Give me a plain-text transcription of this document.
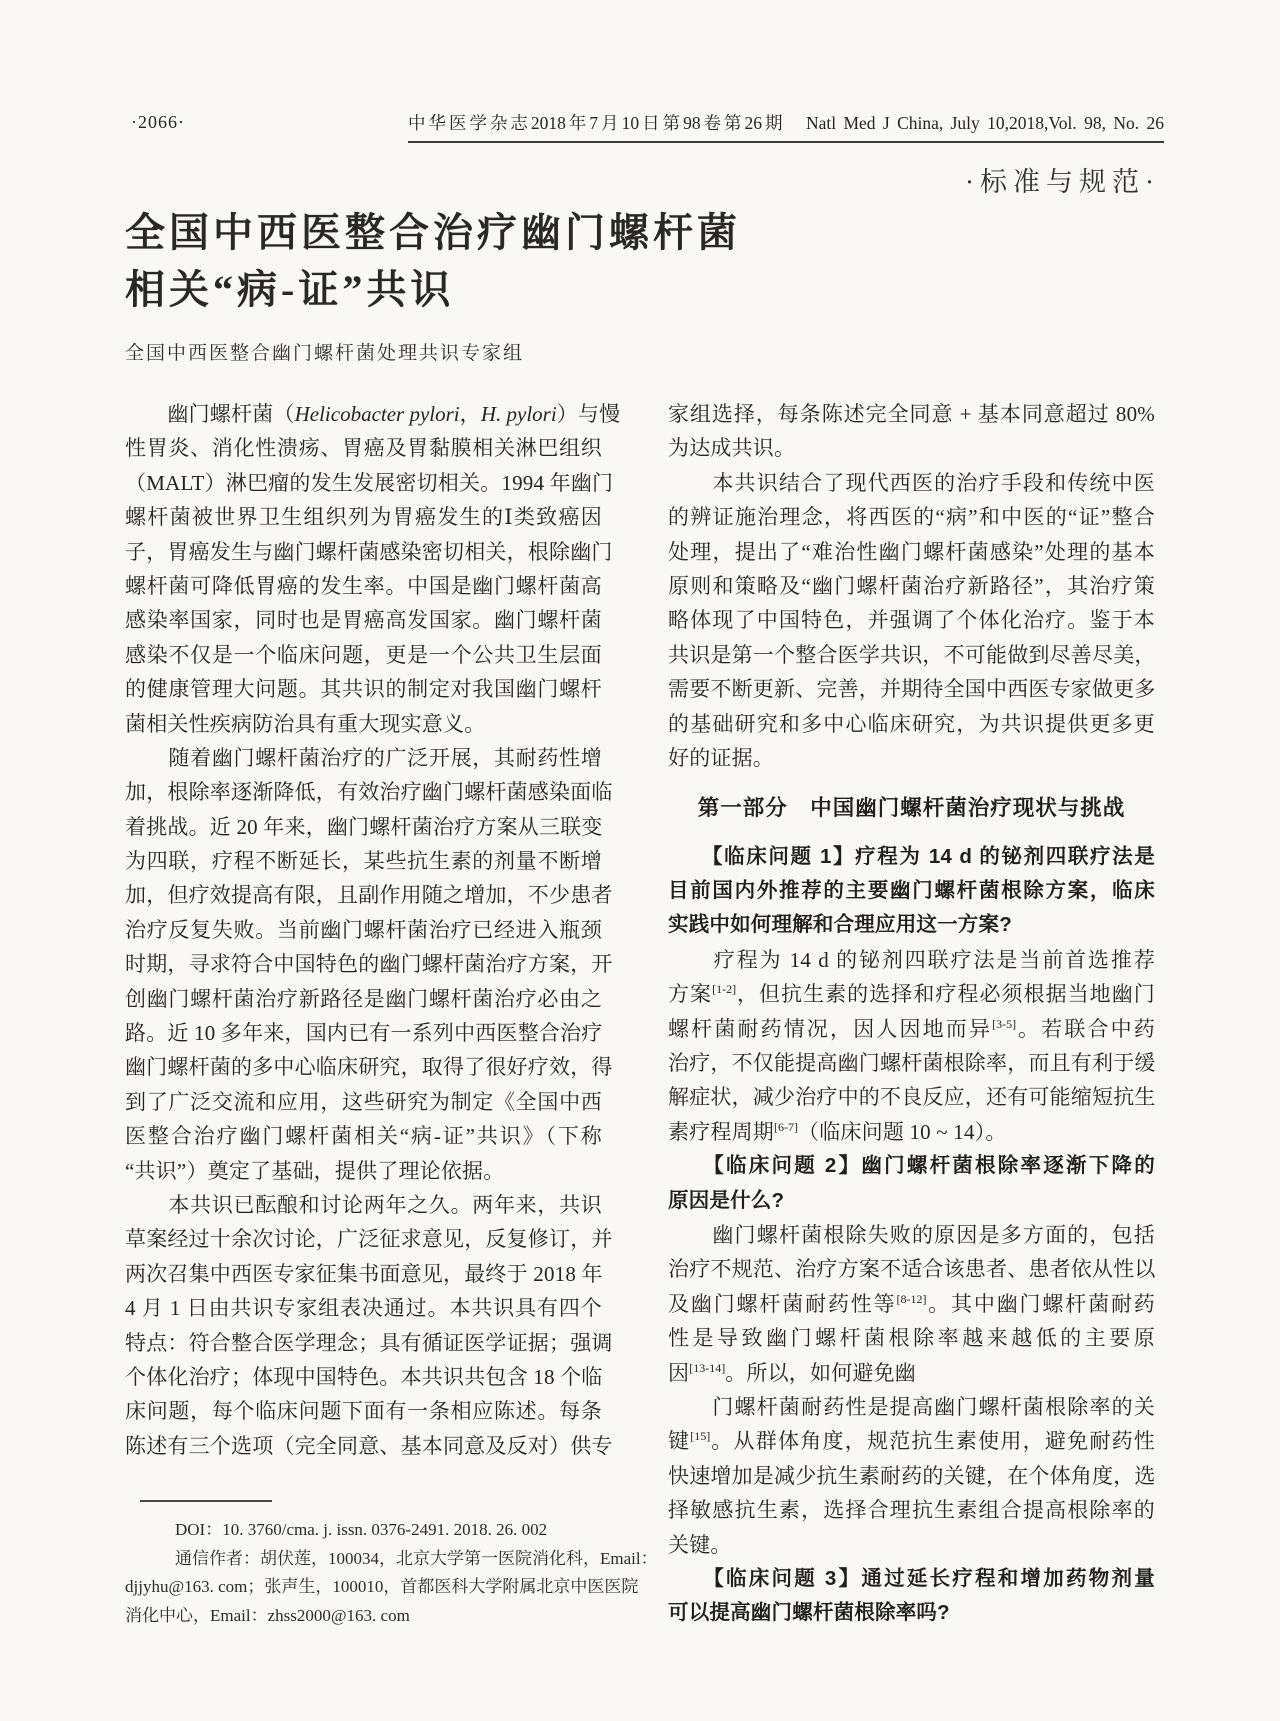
·2066·	中华医学杂志2018年7月10日第98卷第26期　Natl Med J China, July 10,2018,Vol. 98, No. 26
·标准与规范·
全国中西医整合治疗幽门螺杆菌
相关“病-证”共识
全国中西医整合幽门螺杆菌处理共识专家组
　　幽门螺杆菌（Helicobacter pylori，H. pylori）与慢
性胃炎、消化性溃疡、胃癌及胃黏膜相关淋巴组织
（MALT）淋巴瘤的发生发展密切相关。1994 年幽门
螺杆菌被世界卫生组织列为胃癌发生的Ⅰ类致癌因
子，胃癌发生与幽门螺杆菌感染密切相关，根除幽门
螺杆菌可降低胃癌的发生率。中国是幽门螺杆菌高
感染率国家，同时也是胃癌高发国家。幽门螺杆菌
感染不仅是一个临床问题，更是一个公共卫生层面
的健康管理大问题。其共识的制定对我国幽门螺杆
菌相关性疾病防治具有重大现实意义。
　　随着幽门螺杆菌治疗的广泛开展，其耐药性增
加，根除率逐渐降低，有效治疗幽门螺杆菌感染面临
着挑战。近 20 年来，幽门螺杆菌治疗方案从三联变
为四联，疗程不断延长，某些抗生素的剂量不断增
加，但疗效提高有限，且副作用随之增加，不少患者
治疗反复失败。当前幽门螺杆菌治疗已经进入瓶颈
时期，寻求符合中国特色的幽门螺杆菌治疗方案，开
创幽门螺杆菌治疗新路径是幽门螺杆菌治疗必由之
路。近 10 多年来，国内已有一系列中西医整合治疗
幽门螺杆菌的多中心临床研究，取得了很好疗效，得
到了广泛交流和应用，这些研究为制定《全国中西
医整合治疗幽门螺杆菌相关“病-证”共识》（下称
“共识”）奠定了基础，提供了理论依据。
　　本共识已酝酿和讨论两年之久。两年来，共识
草案经过十余次讨论，广泛征求意见，反复修订，并
两次召集中西医专家征集书面意见，最终于 2018 年
4 月 1 日由共识专家组表决通过。本共识具有四个
特点：符合整合医学理念；具有循证医学证据；强调
个体化治疗；体现中国特色。本共识共包含 18 个临
床问题，每个临床问题下面有一条相应陈述。每条
陈述有三个选项（完全同意、基本同意及反对）供专
家组选择，每条陈述完全同意 + 基本同意超过 80%
为达成共识。
　　本共识结合了现代西医的治疗手段和传统中医
的辨证施治理念，将西医的“病”和中医的“证”整合
处理，提出了“难治性幽门螺杆菌感染”处理的基本
原则和策略及“幽门螺杆菌治疗新路径”，其治疗策
略体现了中国特色，并强调了个体化治疗。鉴于本
共识是第一个整合医学共识，不可能做到尽善尽美，
需要不断更新、完善，并期待全国中西医专家做更多
的基础研究和多中心临床研究，为共识提供更多更
好的证据。
第一部分　中国幽门螺杆菌治疗现状与挑战
　　【临床问题 1】疗程为 14 d 的铋剂四联疗法是
目前国内外推荐的主要幽门螺杆菌根除方案，临床
实践中如何理解和合理应用这一方案?
　　疗程为 14 d 的铋剂四联疗法是当前首选推荐
方案[1-2]，但抗生素的选择和疗程必须根据当地幽门
螺杆菌耐药情况，因人因地而异[3-5]。若联合中药
治疗，不仅能提高幽门螺杆菌根除率，而且有利于缓
解症状，减少治疗中的不良反应，还有可能缩短抗生
素疗程周期[6-7]（临床问题 10 ~ 14）。
　　【临床问题 2】幽门螺杆菌根除率逐渐下降的
原因是什么?
　　幽门螺杆菌根除失败的原因是多方面的，包括
治疗不规范、治疗方案不适合该患者、患者依从性以
及幽门螺杆菌耐药性等[8-12]。其中幽门螺杆菌耐药
性是导致幽门螺杆菌根除率越来越低的主要原
因[13-14]。所以，如何避免幽
　　门螺杆菌耐药性是提高幽门螺杆菌根除率的关
键[15]。从群体角度，规范抗生素使用，避免耐药性
快速增加是减少抗生素耐药的关键，在个体角度，选
择敏感抗生素，选择合理抗生素组合提高根除率的
关键。
　　【临床问题 3】通过延长疗程和增加药物剂量
可以提高幽门螺杆菌根除率吗?
DOI：10. 3760/cma. j. issn. 0376-2491. 2018. 26. 002
通信作者：胡伏莲，100034，北京大学第一医院消化科，Email：
djjyhu@163. com；张声生，100010，首都医科大学附属北京中医医院
消化中心，Email：zhss2000@163. com
